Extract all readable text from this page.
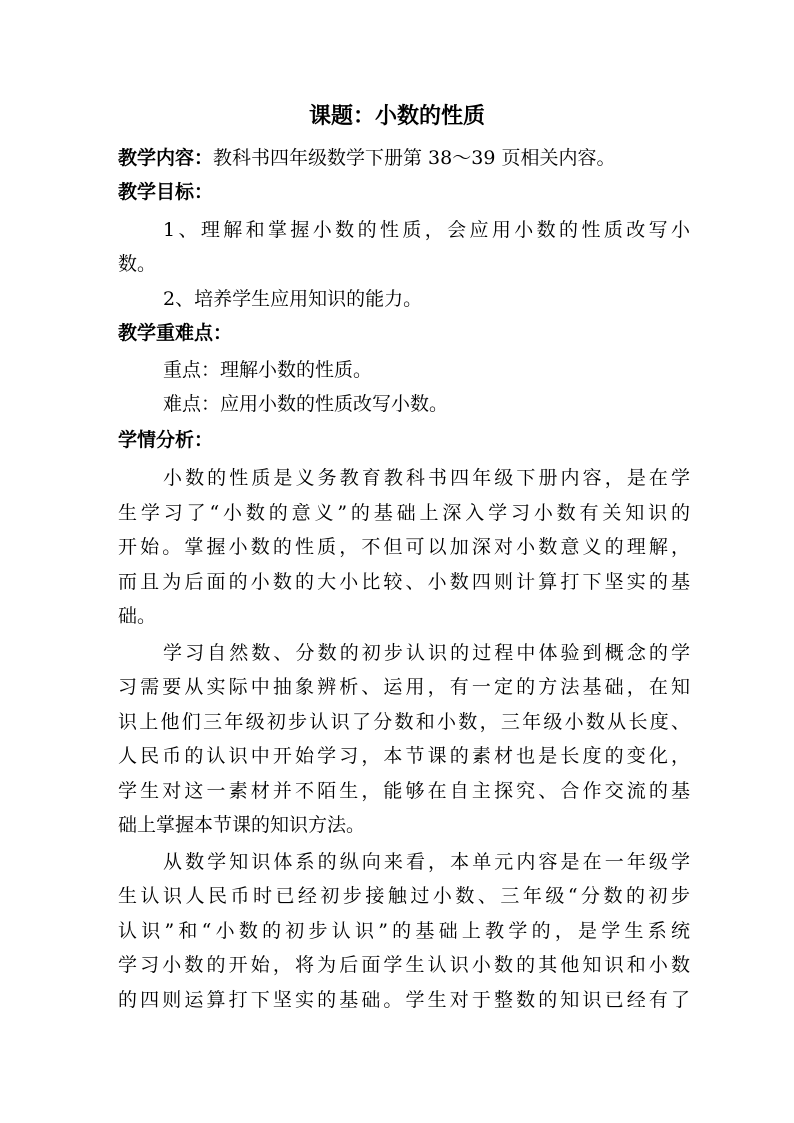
课题：小数的性质
教学内容：教科书四年级数学下册第 38～39 页相关内容。
教学目标：
1、理解和掌握小数的性质，会应用小数的性质改写小
数。
2、培养学生应用知识的能力。
教学重难点：
重点：理解小数的性质。
难点：应用小数的性质改写小数。
学情分析：
小数的性质是义务教育教科书四年级下册内容，是在学
生学习了“小数的意义”的基础上深入学习小数有关知识的
开始。掌握小数的性质，不但可以加深对小数意义的理解，
而且为后面的小数的大小比较、小数四则计算打下坚实的基
础。
学习自然数、分数的初步认识的过程中体验到概念的学
习需要从实际中抽象辨析、运用，有一定的方法基础，在知
识上他们三年级初步认识了分数和小数，三年级小数从长度、
人民币的认识中开始学习，本节课的素材也是长度的变化，
学生对这一素材并不陌生，能够在自主探究、合作交流的基
础上掌握本节课的知识方法。
从数学知识体系的纵向来看，本单元内容是在一年级学
生认识人民币时已经初步接触过小数、三年级“分数的初步
认识”和“小数的初步认识”的基础上教学的，是学生系统
学习小数的开始，将为后面学生认识小数的其他知识和小数
的四则运算打下坚实的基础。学生对于整数的知识已经有了
